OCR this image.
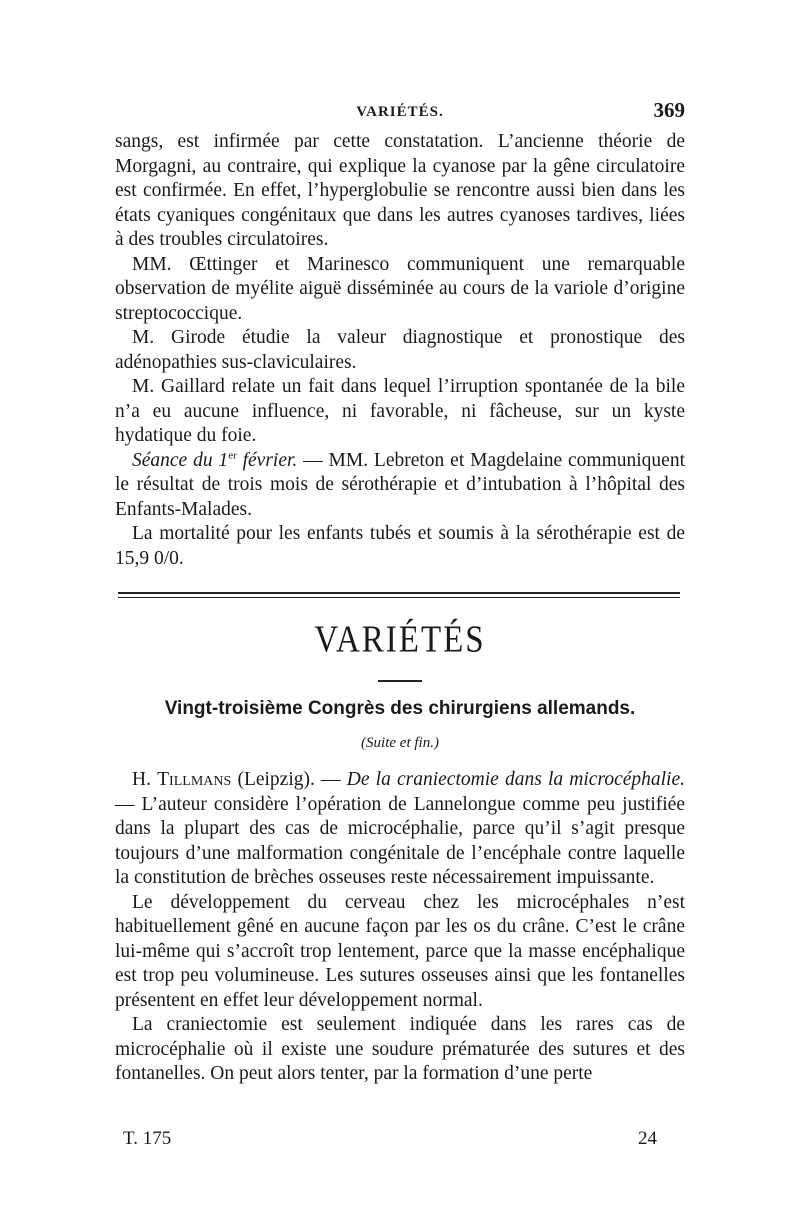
VARIÉTÉS.	369

sangs, est infirmée par cette constatation. L’ancienne théorie de Morgagni, au contraire, qui explique la cyanose par la gêne circulatoire est confirmée. En effet, l’hyperglobulie se rencontre aussi bien dans les états cyaniques congénitaux que dans les autres cyanoses tardives, liées à des troubles circulatoires.

MM. Œttinger et Marinesco communiquent une remarquable observation de myélite aiguë disséminée au cours de la variole d’origine streptococcique.

M. Girode étudie la valeur diagnostique et pronostique des adénopathies sus-claviculaires.

M. Gaillard relate un fait dans lequel l’irruption spontanée de la bile n’a eu aucune influence, ni favorable, ni fâcheuse, sur un kyste hydatique du foie.

Séance du 1er février. — MM. Lebreton et Magdelaine communiquent le résultat de trois mois de sérothérapie et d’intubation à l’hôpital des Enfants-Malades.

La mortalité pour les enfants tubés et soumis à la sérothérapie est de 15,9 0/0.

VARIÉTÉS
Vingt-troisième Congrès des chirurgiens allemands.
(Suite et fin.)

H. Tillmans (Leipzig). — De la craniectomie dans la microcéphalie. — L’auteur considère l’opération de Lannelongue comme peu justifiée dans la plupart des cas de microcéphalie, parce qu’il s’agit presque toujours d’une malformation congénitale de l’encéphale contre laquelle la constitution de brèches osseuses reste nécessairement impuissante.

Le développement du cerveau chez les microcéphales n’est habituellement gêné en aucune façon par les os du crâne. C’est le crâne lui-même qui s’accroît trop lentement, parce que la masse encéphalique est trop peu volumineuse. Les sutures osseuses ainsi que les fontanelles présentent en effet leur développement normal.

La craniectomie est seulement indiquée dans les rares cas de microcéphalie où il existe une soudure prématurée des sutures et des fontanelles. On peut alors tenter, par la formation d’une perte

T. 175	24
